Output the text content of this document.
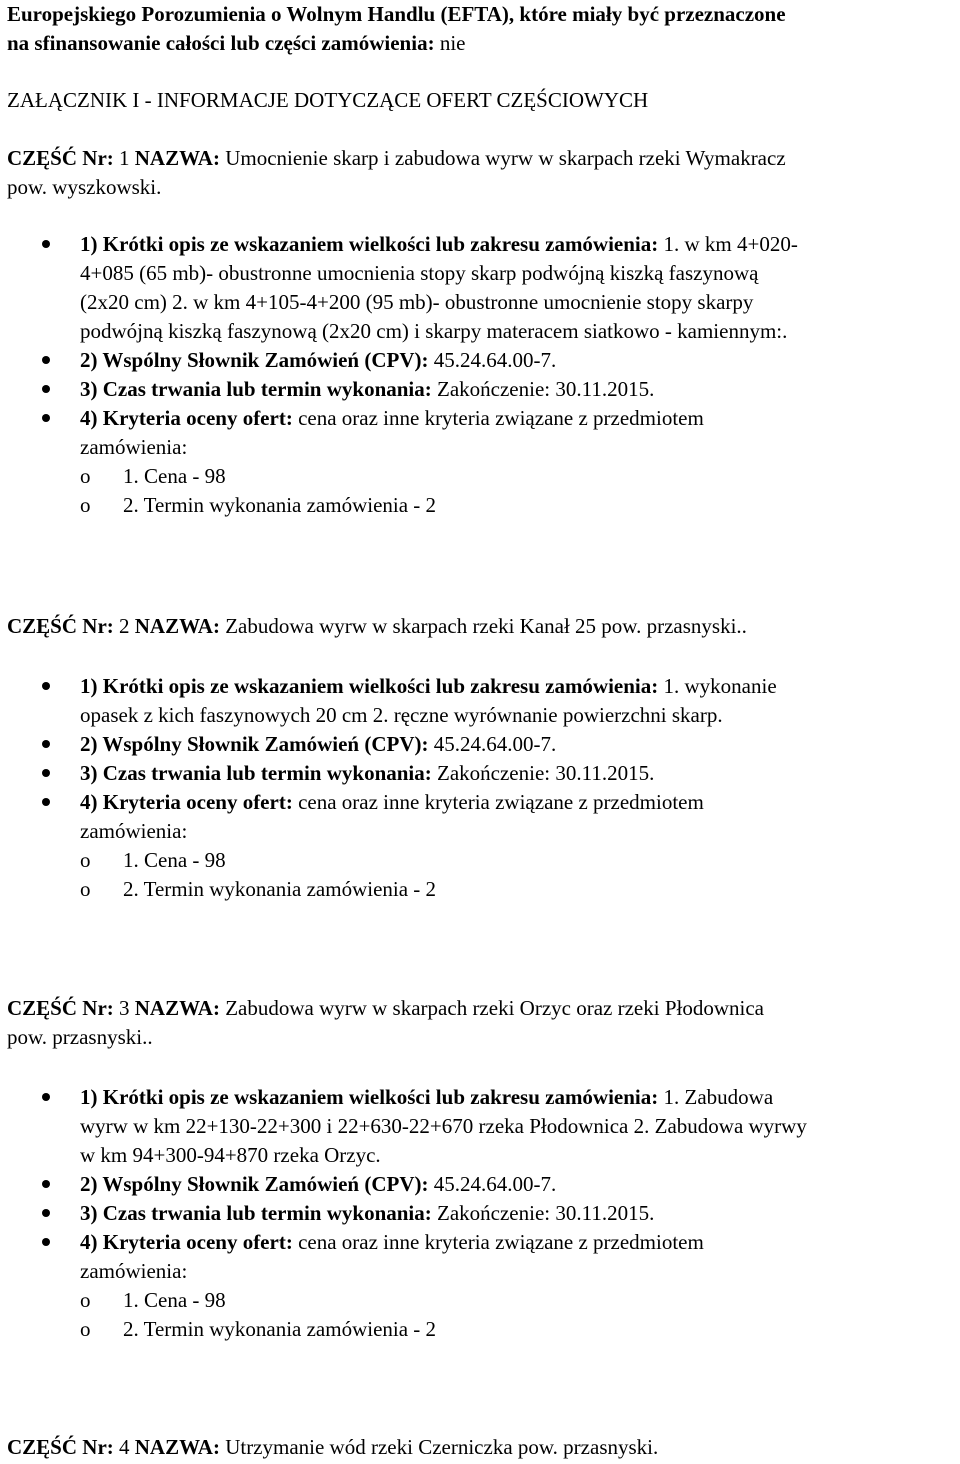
Europejskiego Porozumienia o Wolnym Handlu (EFTA), które miały być przeznaczone

na sfinansowanie całości lub części zamówienia: nie

ZAŁĄCZNIK I - INFORMACJE DOTYCZĄCE OFERT CZĘŚCIOWYCH

CZĘŚĆ Nr: 1 NAZWA: Umocnienie skarp i zabudowa wyrw w skarpach rzeki Wymakracz

pow. wyszkowski.

1) Krótki opis ze wskazaniem wielkości lub zakresu zamówienia: 1. w km 4+020-

4+085 (65 mb)- obustronne umocnienia stopy skarp podwójną kiszką faszynową

(2x20 cm) 2. w km 4+105-4+200 (95 mb)- obustronne umocnienie stopy skarpy

podwójną kiszką faszynową (2x20 cm) i skarpy materacem siatkowo - kamiennym:.

2) Wspólny Słownik Zamówień (CPV): 45.24.64.00-7.

3) Czas trwania lub termin wykonania: Zakończenie: 30.11.2015.

4) Kryteria oceny ofert: cena oraz inne kryteria związane z przedmiotem

zamówienia:

o 1. Cena - 98

o 2. Termin wykonania zamówienia - 2

CZĘŚĆ Nr: 2 NAZWA: Zabudowa wyrw w skarpach rzeki Kanał 25 pow. przasnyski..

1) Krótki opis ze wskazaniem wielkości lub zakresu zamówienia: 1. wykonanie

opasek z kich faszynowych 20 cm 2. ręczne wyrównanie powierzchni skarp.

2) Wspólny Słownik Zamówień (CPV): 45.24.64.00-7.

3) Czas trwania lub termin wykonania: Zakończenie: 30.11.2015.

4) Kryteria oceny ofert: cena oraz inne kryteria związane z przedmiotem

zamówienia:

o 1. Cena - 98

o 2. Termin wykonania zamówienia - 2

CZĘŚĆ Nr: 3 NAZWA: Zabudowa wyrw w skarpach rzeki Orzyc oraz rzeki Płodownica

pow. przasnyski..

1) Krótki opis ze wskazaniem wielkości lub zakresu zamówienia: 1. Zabudowa

wyrw w km 22+130-22+300 i 22+630-22+670 rzeka Płodownica 2. Zabudowa wyrwy

w km 94+300-94+870 rzeka Orzyc.

2) Wspólny Słownik Zamówień (CPV): 45.24.64.00-7.

3) Czas trwania lub termin wykonania: Zakończenie: 30.11.2015.

4) Kryteria oceny ofert: cena oraz inne kryteria związane z przedmiotem

zamówienia:

o 1. Cena - 98

o 2. Termin wykonania zamówienia - 2

CZĘŚĆ Nr: 4 NAZWA: Utrzymanie wód rzeki Czerniczka pow. przasnyski.
